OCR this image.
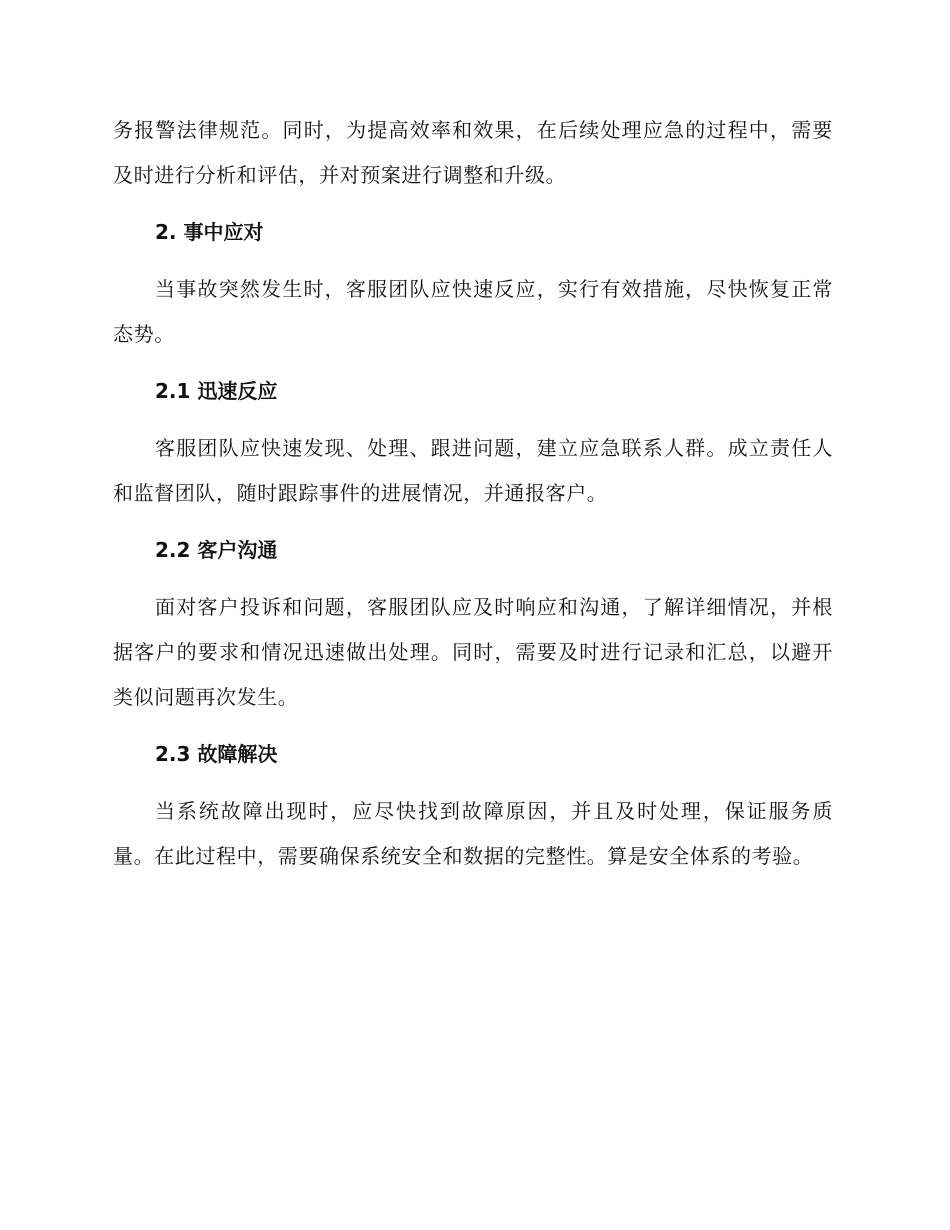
务报警法律规范。同时，为提高效率和效果，在后续处理应急的过程中，需要及时进行分析和评估，并对预案进行调整和升级。

2. 事中应对

当事故突然发生时，客服团队应快速反应，实行有效措施，尽快恢复正常态势。

2.1 迅速反应

客服团队应快速发现、处理、跟进问题，建立应急联系人群。成立责任人和监督团队，随时跟踪事件的进展情况，并通报客户。

2.2 客户沟通

面对客户投诉和问题，客服团队应及时响应和沟通，了解详细情况，并根据客户的要求和情况迅速做出处理。同时，需要及时进行记录和汇总，以避开类似问题再次发生。

2.3 故障解决

当系统故障出现时，应尽快找到故障原因，并且及时处理，保证服务质量。在此过程中，需要确保系统安全和数据的完整性。算是安全体系的考验。
